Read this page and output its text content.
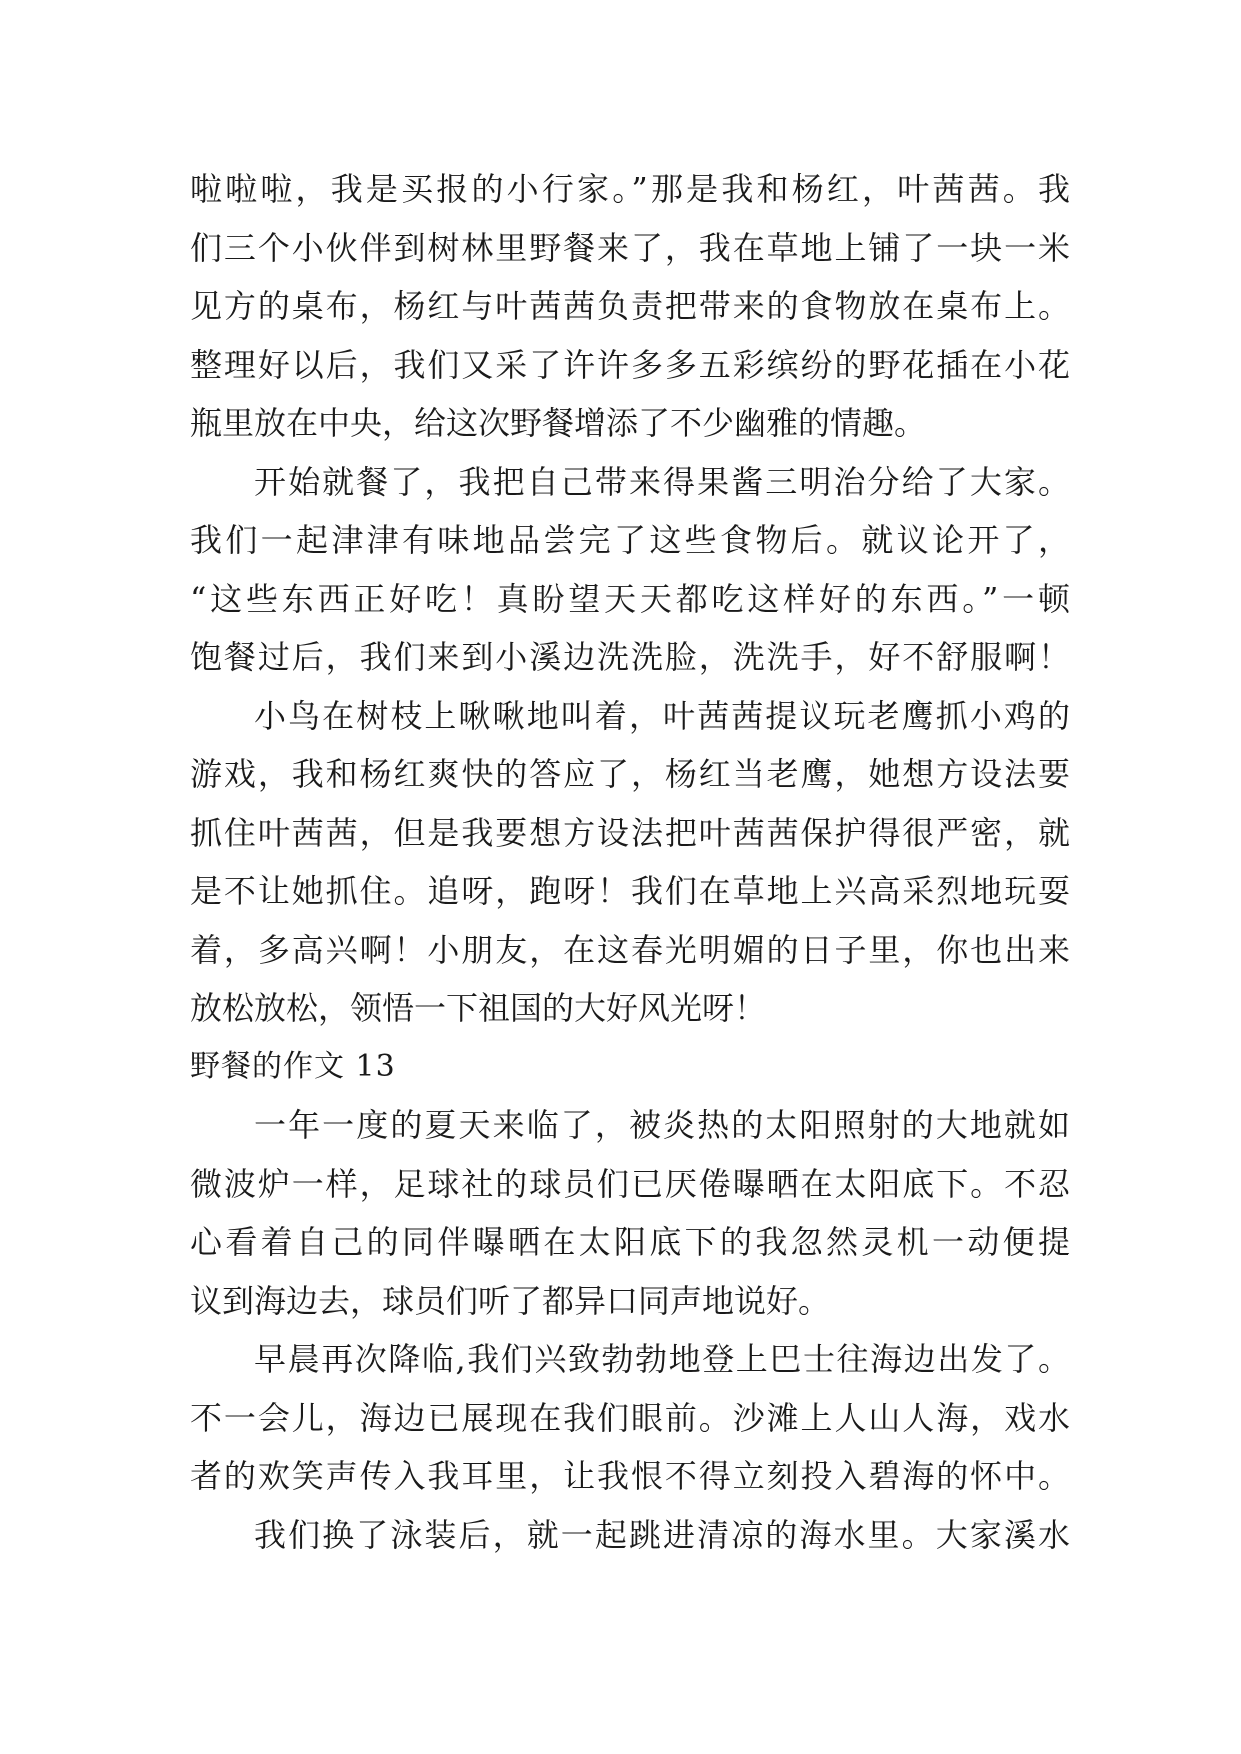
啦啦啦，我是买报的小行家。”那是我和杨红，叶茜茜。我
们三个小伙伴到树林里野餐来了，我在草地上铺了一块一米
见方的桌布，杨红与叶茜茜负责把带来的食物放在桌布上。
整理好以后，我们又采了许许多多五彩缤纷的野花插在小花
瓶里放在中央，给这次野餐增添了不少幽雅的情趣。
开始就餐了，我把自己带来得果酱三明治分给了大家。
我们一起津津有味地品尝完了这些食物后。就议论开了，
“这些东西正好吃！真盼望天天都吃这样好的东西。”一顿
饱餐过后，我们来到小溪边洗洗脸，洗洗手，好不舒服啊！
小鸟在树枝上啾啾地叫着，叶茜茜提议玩老鹰抓小鸡的
游戏，我和杨红爽快的答应了，杨红当老鹰，她想方设法要
抓住叶茜茜，但是我要想方设法把叶茜茜保护得很严密，就
是不让她抓住。追呀，跑呀！我们在草地上兴高采烈地玩耍
着，多高兴啊！小朋友，在这春光明媚的日子里，你也出来
放松放松，领悟一下祖国的大好风光呀！
野餐的作文 13
一年一度的夏天来临了，被炎热的太阳照射的大地就如
微波炉一样，足球社的球员们已厌倦曝晒在太阳底下。不忍
心看着自己的同伴曝晒在太阳底下的我忽然灵机一动便提
议到海边去，球员们听了都异口同声地说好。
早晨再次降临,我们兴致勃勃地登上巴士往海边出发了。
不一会儿，海边已展现在我们眼前。沙滩上人山人海，戏水
者的欢笑声传入我耳里，让我恨不得立刻投入碧海的怀中。
我们换了泳装后，就一起跳进清凉的海水里。大家溪水
